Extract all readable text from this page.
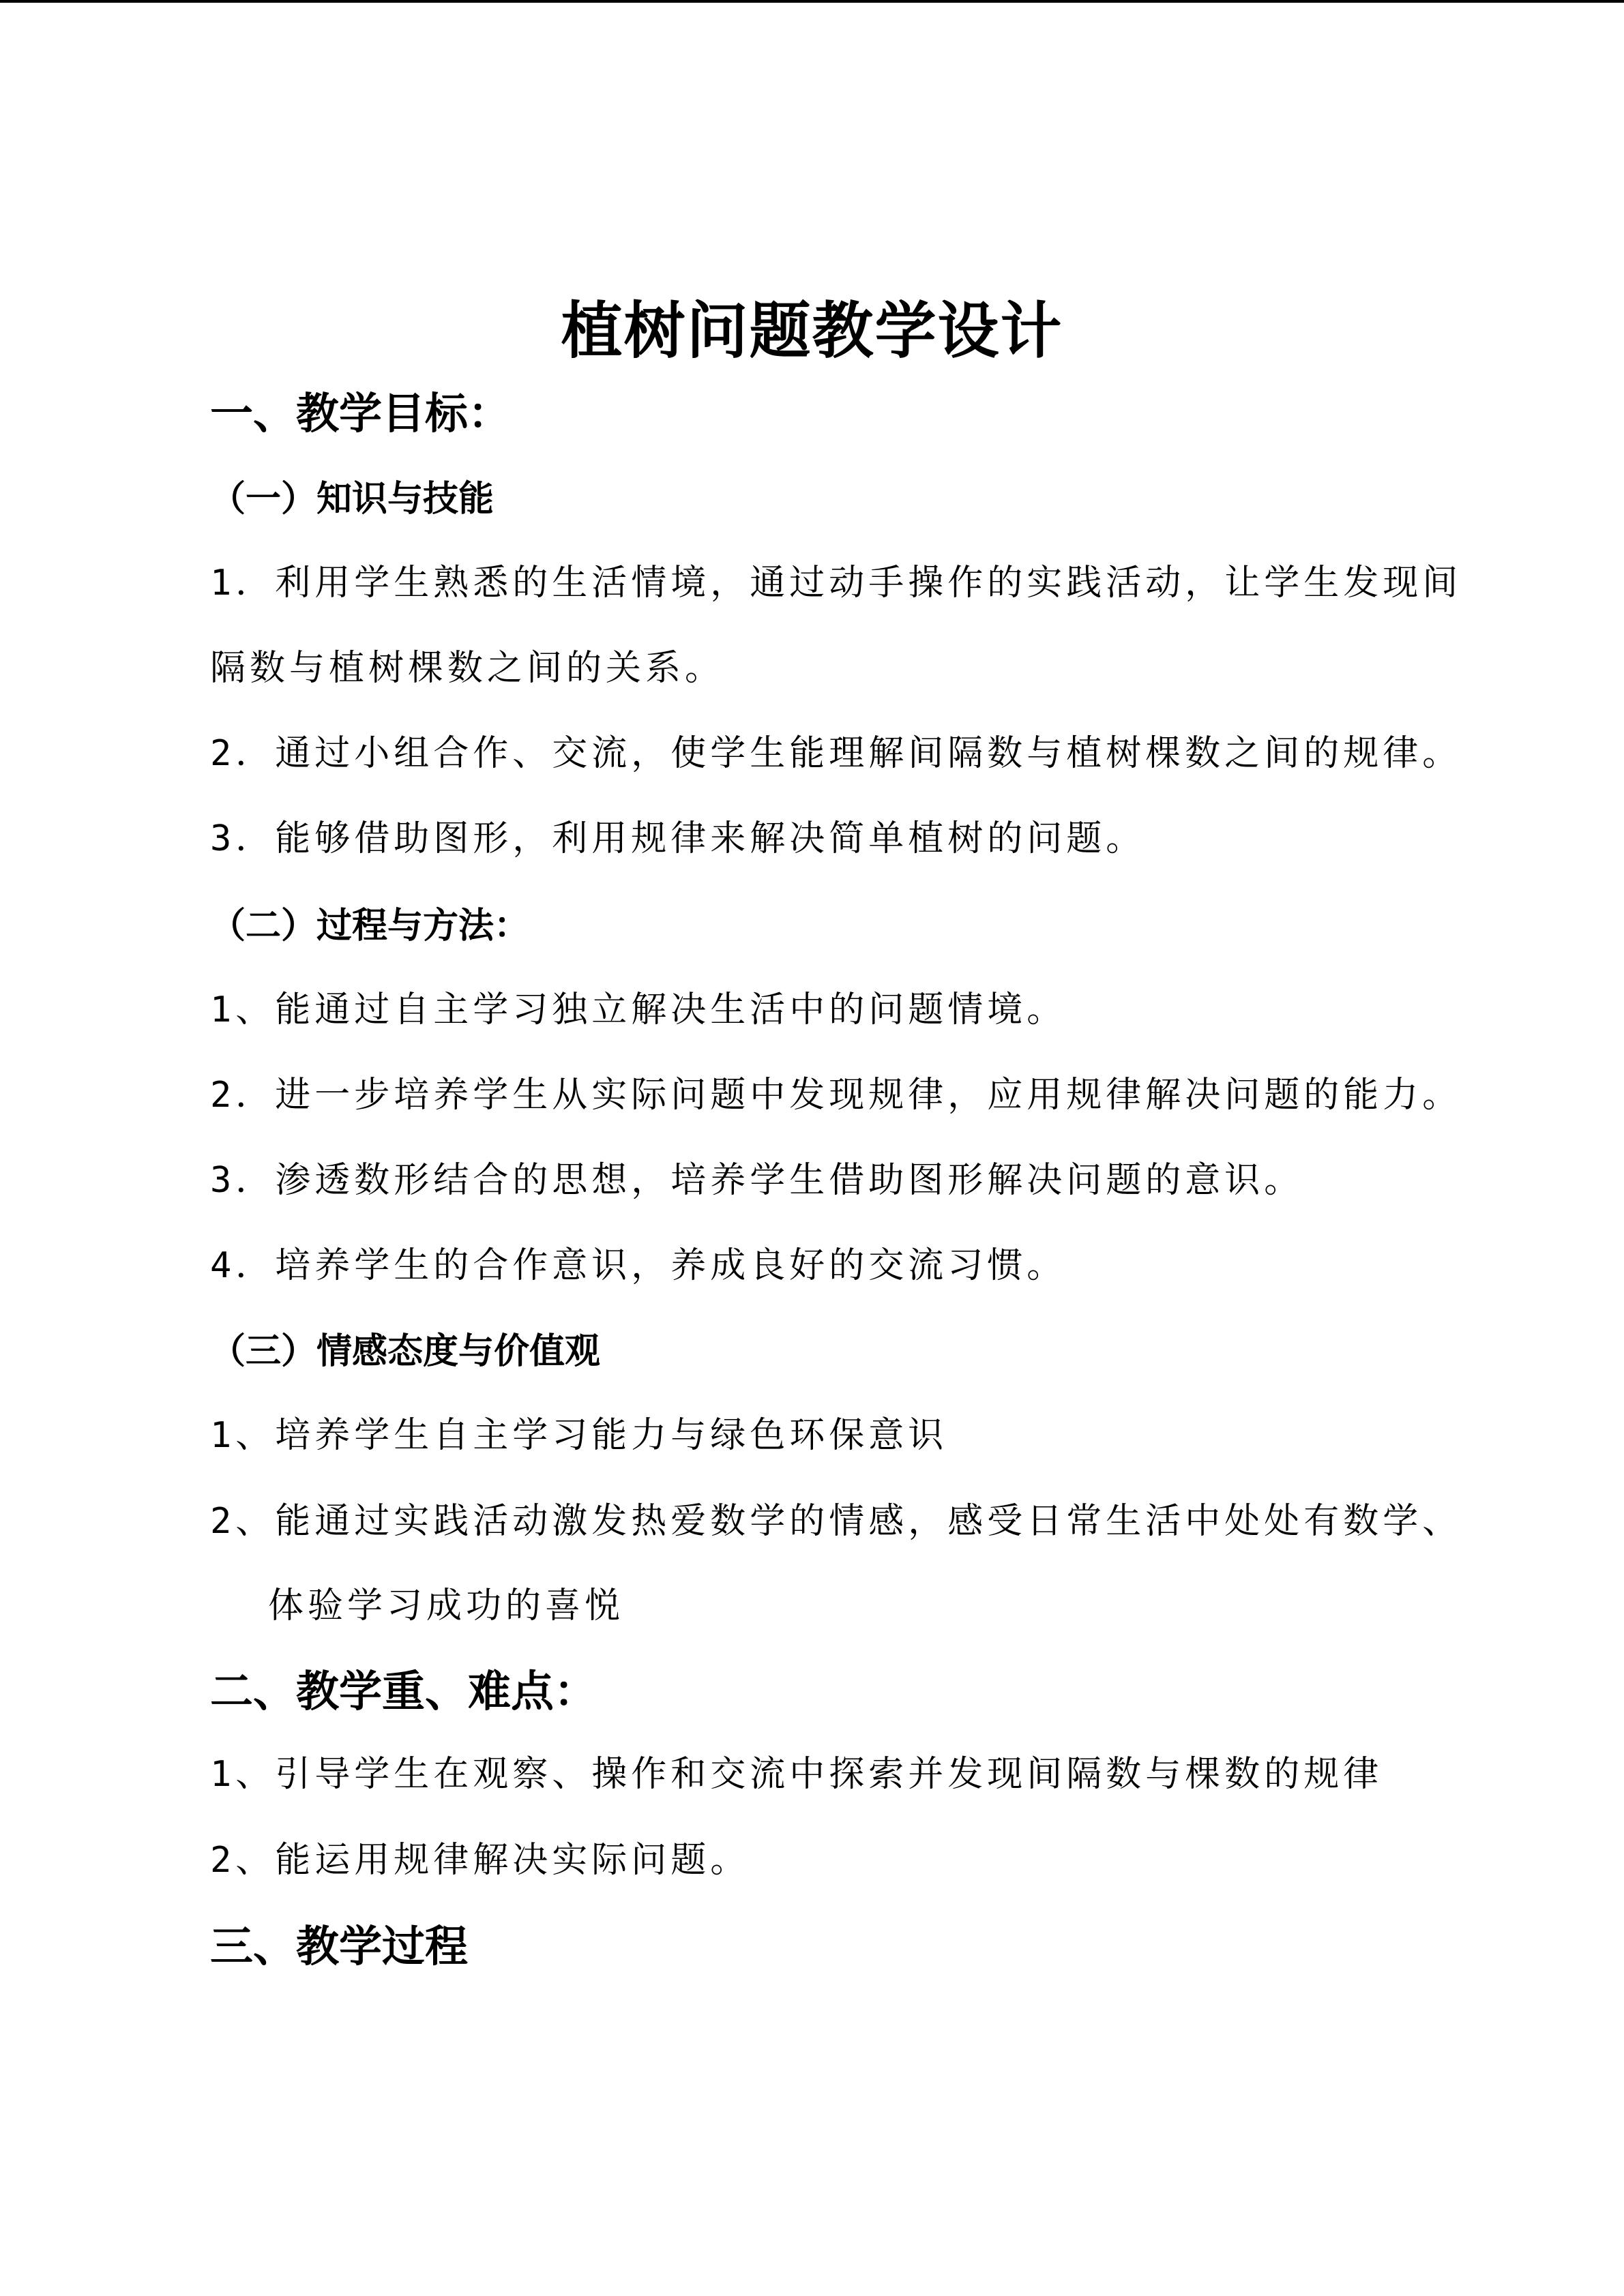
植树问题教学设计
一、教学目标：
（一）知识与技能
1．利用学生熟悉的生活情境，通过动手操作的实践活动，让学生发现间
隔数与植树棵数之间的关系。
2．通过小组合作、交流，使学生能理解间隔数与植树棵数之间的规律。
3．能够借助图形，利用规律来解决简单植树的问题。
（二）过程与方法：
1、能通过自主学习独立解决生活中的问题情境。
2．进一步培养学生从实际问题中发现规律，应用规律解决问题的能力。
3．渗透数形结合的思想，培养学生借助图形解决问题的意识。
4．培养学生的合作意识，养成良好的交流习惯。
（三）情感态度与价值观
1、培养学生自主学习能力与绿色环保意识
2、能通过实践活动激发热爱数学的情感，感受日常生活中处处有数学、
体验学习成功的喜悦
二、教学重、难点：
1、引导学生在观察、操作和交流中探索并发现间隔数与棵数的规律
2、能运用规律解决实际问题。
三、教学过程
